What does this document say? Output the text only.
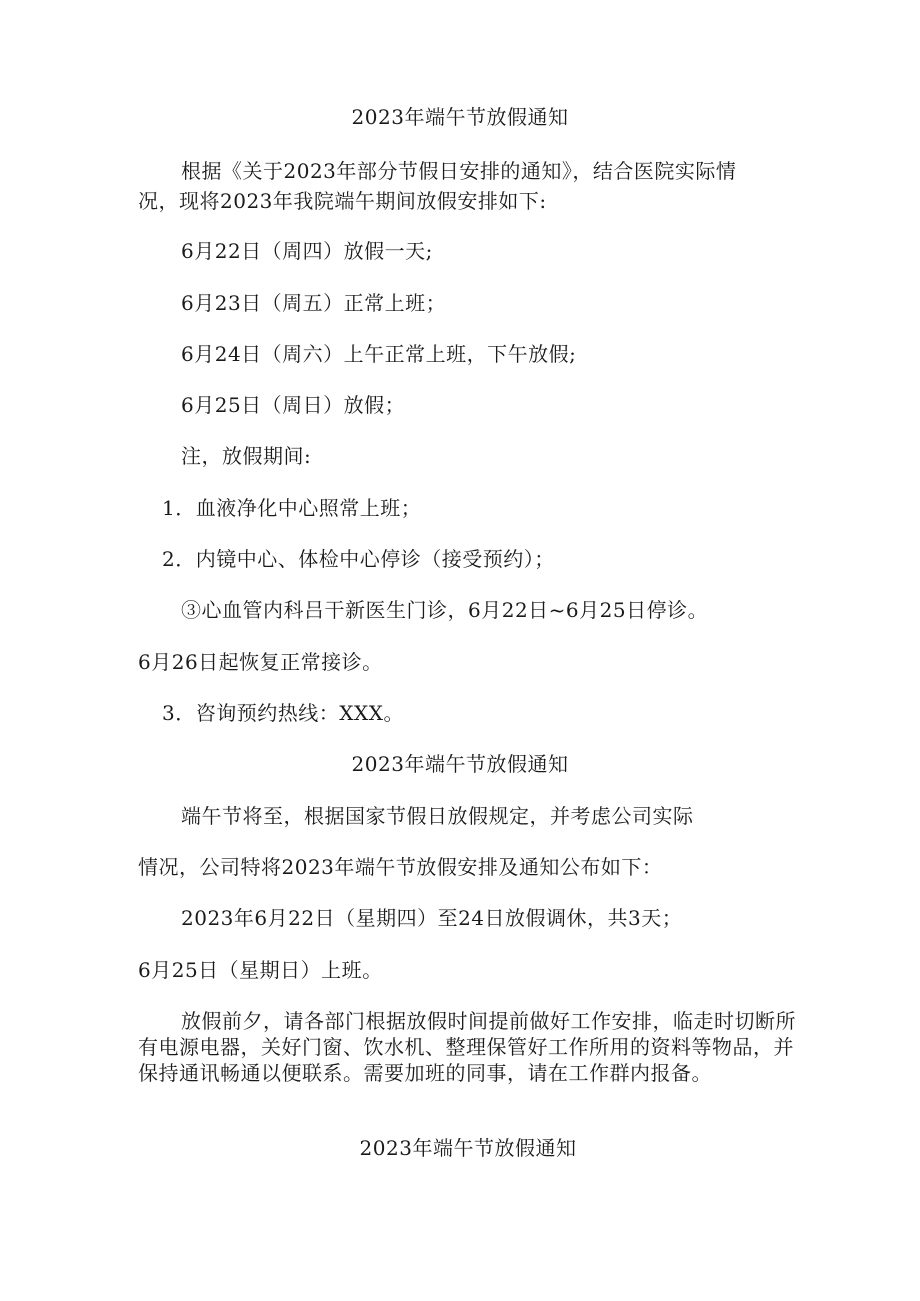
2023年端午节放假通知
根据《关于2023年部分节假日安排的通知》，结合医院实际情
况，现将2023年我院端午期间放假安排如下:
6月22日（周四）放假一天;
6月23日（周五）正常上班；
6月24日（周六）上午正常上班，下午放假;
6月25日（周日）放假；
注，放假期间:
1．血液净化中心照常上班；
2．内镜中心、体检中心停诊（接受预约）；
③心血管内科吕干新医生门诊，6月22日~6月25日停诊。
6月26日起恢复正常接诊。
3．咨询预约热线：XXX。
2023年端午节放假通知
端午节将至，根据国家节假日放假规定，并考虑公司实际
情况，公司特将2023年端午节放假安排及通知公布如下：
2023年6月22日（星期四）至24日放假调休，共3天；
6月25日（星期日）上班。

放假前夕，请各部门根据放假时间提前做好工作安排，临走时切断所有电源电器，关好门窗、饮水机、整理保管好工作所用的资料等物品，并保持通讯畅通以便联系。需要加班的同事，请在工作群内报备。

2023年端午节放假通知
